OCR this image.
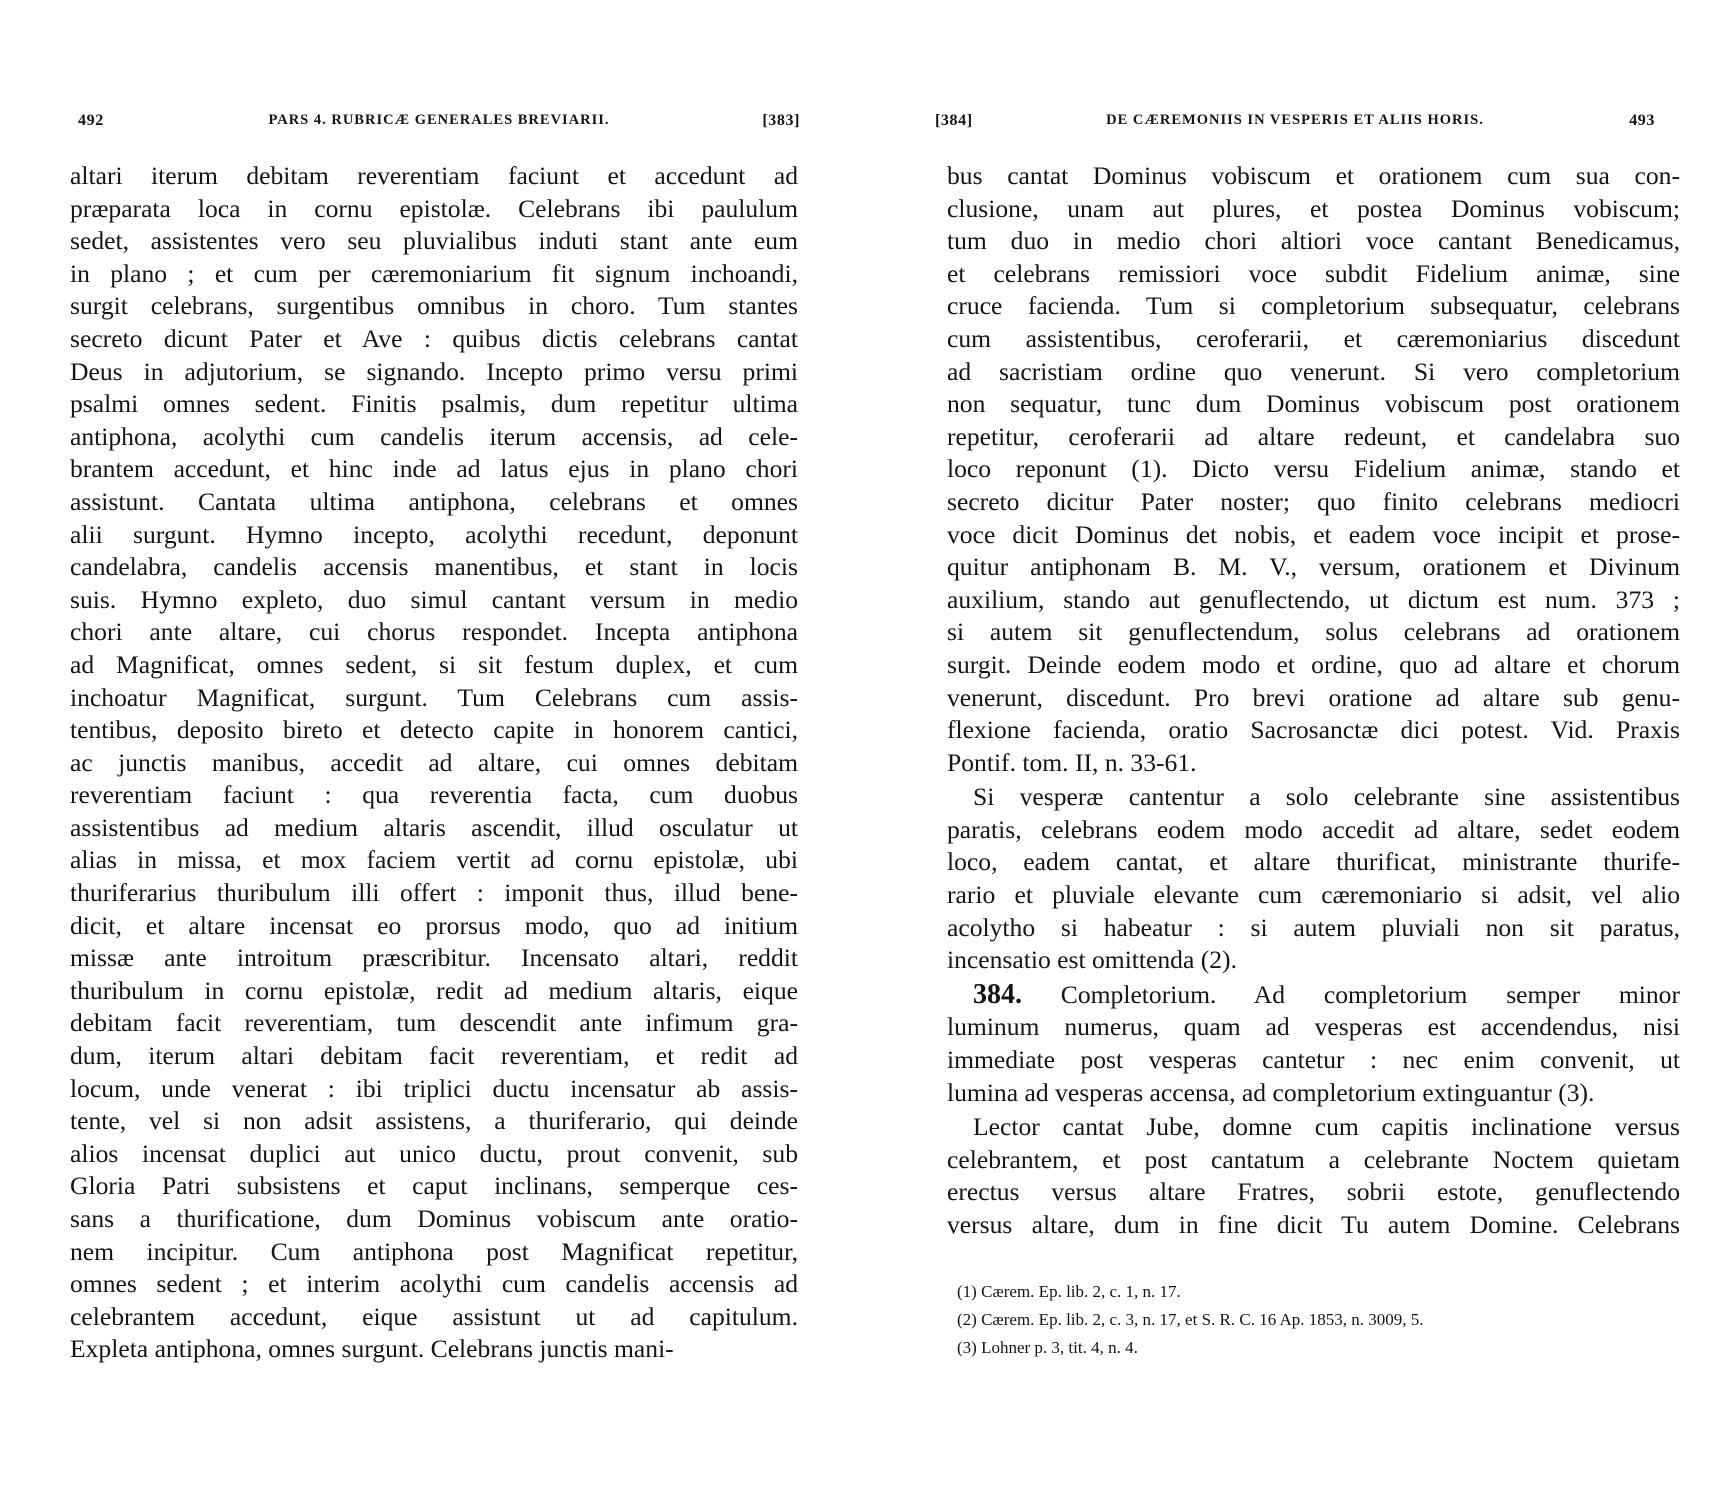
492	PARS 4. RUBRICÆ GENERALES BREVIARII.	[383]
altari iterum debitam reverentiam faciunt et accedunt ad
præparata loca in cornu epistolæ. Celebrans ibi paululum
sedet, assistentes vero seu pluvialibus induti stant ante eum
in plano ; et cum per cæremoniarium fit signum inchoandi,
surgit celebrans, surgentibus omnibus in choro. Tum stantes
secreto dicunt Pater et Ave : quibus dictis celebrans cantat
Deus in adjutorium, se signando. Incepto primo versu primi
psalmi omnes sedent. Finitis psalmis, dum repetitur ultima
antiphona, acolythi cum candelis iterum accensis, ad cele-
brantem accedunt, et hinc inde ad latus ejus in plano chori
assistunt. Cantata ultima antiphona, celebrans et omnes
alii surgunt. Hymno incepto, acolythi recedunt, deponunt
candelabra, candelis accensis manentibus, et stant in locis
suis. Hymno expleto, duo simul cantant versum in medio
chori ante altare, cui chorus respondet. Incepta antiphona
ad Magnificat, omnes sedent, si sit festum duplex, et cum
inchoatur Magnificat, surgunt. Tum Celebrans cum assis-
tentibus, deposito bireto et detecto capite in honorem cantici,
ac junctis manibus, accedit ad altare, cui omnes debitam
reverentiam faciunt : qua reverentia facta, cum duobus
assistentibus ad medium altaris ascendit, illud osculatur ut
alias in missa, et mox faciem vertit ad cornu epistolæ, ubi
thuriferarius thuribulum illi offert : imponit thus, illud bene-
dicit, et altare incensat eo prorsus modo, quo ad initium
missæ ante introitum præscribitur. Incensato altari, reddit
thuribulum in cornu epistolæ, redit ad medium altaris, eique
debitam facit reverentiam, tum descendit ante infimum gra-
dum, iterum altari debitam facit reverentiam, et redit ad
locum, unde venerat : ibi triplici ductu incensatur ab assis-
tente, vel si non adsit assistens, a thuriferario, qui deinde
alios incensat duplici aut unico ductu, prout convenit, sub
Gloria Patri subsistens et caput inclinans, semperque ces-
sans a thurificatione, dum Dominus vobiscum ante oratio-
nem incipitur. Cum antiphona post Magnificat repetitur,
omnes sedent ; et interim acolythi cum candelis accensis ad
celebrantem accedunt, eique assistunt ut ad capitulum.
Expleta antiphona, omnes surgunt. Celebrans junctis mani-
[384]	DE CÆREMONIIS IN VESPERIS ET ALIIS HORIS.	493
bus cantat Dominus vobiscum et orationem cum sua con-
clusione, unam aut plures, et postea Dominus vobiscum;
tum duo in medio chori altiori voce cantant Benedicamus,
et celebrans remissiori voce subdit Fidelium animæ, sine
cruce facienda. Tum si completorium subsequatur, celebrans
cum assistentibus, ceroferarii, et cæremoniarius discedunt
ad sacristiam ordine quo venerunt. Si vero completorium
non sequatur, tunc dum Dominus vobiscum post orationem
repetitur, ceroferarii ad altare redeunt, et candelabra suo
loco reponunt (1). Dicto versu Fidelium animæ, stando et
secreto dicitur Pater noster; quo finito celebrans mediocri
voce dicit Dominus det nobis, et eadem voce incipit et prose-
quitur antiphonam B. M. V., versum, orationem et Divinum
auxilium, stando aut genuflectendo, ut dictum est num. 373 ;
si autem sit genuflectendum, solus celebrans ad orationem
surgit. Deinde eodem modo et ordine, quo ad altare et chorum
venerunt, discedunt. Pro brevi oratione ad altare sub genu-
flexione facienda, oratio Sacrosanctæ dici potest. Vid. Praxis
Pontif. tom. II, n. 33-61.
Si vesperæ cantentur a solo celebrante sine assistentibus
paratis, celebrans eodem modo accedit ad altare, sedet eodem
loco, eadem cantat, et altare thurificat, ministrante thurife-
rario et pluviale elevante cum cæremoniario si adsit, vel alio
acolytho si habeatur : si autem pluviali non sit paratus,
incensatio est omittenda (2).
384. Completorium. Ad completorium semper minor
luminum numerus, quam ad vesperas est accendendus, nisi
immediate post vesperas cantetur : nec enim convenit, ut
lumina ad vesperas accensa, ad completorium extinguantur (3).
Lector cantat Jube, domne cum capitis inclinatione versus
celebrantem, et post cantatum a celebrante Noctem quietam
erectus versus altare Fratres, sobrii estote, genuflectendo
versus altare, dum in fine dicit Tu autem Domine. Celebrans
(1) Cærem. Ep. lib. 2, c. 1, n. 17.
(2) Cærem. Ep. lib. 2, c. 3, n. 17, et S. R. C. 16 Ap. 1853, n. 3009, 5.
(3) Lohner p. 3, tit. 4, n. 4.
